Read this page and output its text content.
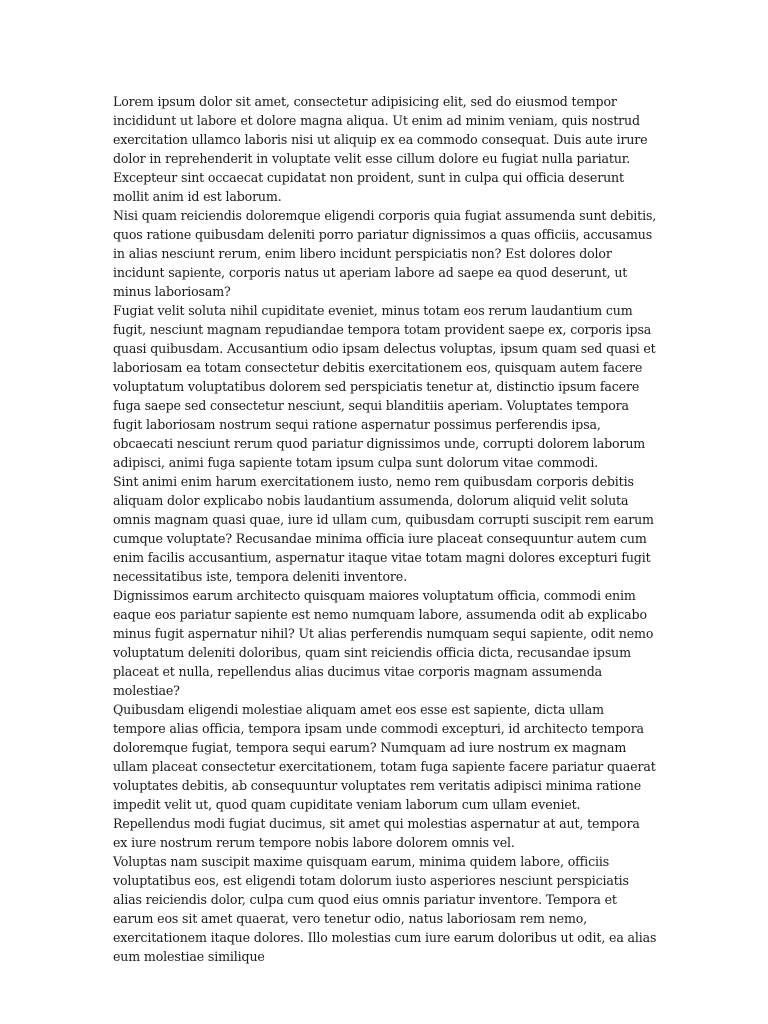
Lorem ipsum dolor sit amet, consectetur adipisicing elit, sed do eiusmod tempor incididunt ut labore et dolore magna aliqua. Ut enim ad minim veniam, quis nostrud exercitation ullamco laboris nisi ut aliquip ex ea commodo consequat. Duis aute irure dolor in reprehenderit in voluptate velit esse cillum dolore eu fugiat nulla pariatur. Excepteur sint occaecat cupidatat non proident, sunt in culpa qui officia deserunt mollit anim id est laborum.

Nisi quam reiciendis doloremque eligendi corporis quia fugiat assumenda sunt debitis, quos ratione quibusdam deleniti porro pariatur dignissimos a quas officiis, accusamus in alias nesciunt rerum, enim libero incidunt perspiciatis non? Est dolores dolor incidunt sapiente, corporis natus ut aperiam labore ad saepe ea quod deserunt, ut minus laboriosam?

Fugiat velit soluta nihil cupiditate eveniet, minus totam eos rerum laudantium cum fugit, nesciunt magnam repudiandae tempora totam provident saepe ex, corporis ipsa quasi quibusdam. Accusantium odio ipsam delectus voluptas, ipsum quam sed quasi et laboriosam ea totam consectetur debitis exercitationem eos, quisquam autem facere voluptatum voluptatibus dolorem sed perspiciatis tenetur at, distinctio ipsum facere fuga saepe sed consectetur nesciunt, sequi blanditiis aperiam. Voluptates tempora fugit laboriosam nostrum sequi ratione aspernatur possimus perferendis ipsa, obcaecati nesciunt rerum quod pariatur dignissimos unde, corrupti dolorem laborum adipisci, animi fuga sapiente totam ipsum culpa sunt dolorum vitae commodi.

Sint animi enim harum exercitationem iusto, nemo rem quibusdam corporis debitis aliquam dolor explicabo nobis laudantium assumenda, dolorum aliquid velit soluta omnis magnam quasi quae, iure id ullam cum, quibusdam corrupti suscipit rem earum cumque voluptate? Recusandae minima officia iure placeat consequuntur autem cum enim facilis accusantium, aspernatur itaque vitae totam magni dolores excepturi fugit necessitatibus iste, tempora deleniti inventore.

Dignissimos earum architecto quisquam maiores voluptatum officia, commodi enim eaque eos pariatur sapiente est nemo numquam labore, assumenda odit ab explicabo minus fugit aspernatur nihil? Ut alias perferendis numquam sequi sapiente, odit nemo voluptatum deleniti doloribus, quam sint reiciendis officia dicta, recusandae ipsum placeat et nulla, repellendus alias ducimus vitae corporis magnam assumenda molestiae?

Quibusdam eligendi molestiae aliquam amet eos esse est sapiente, dicta ullam tempore alias officia, tempora ipsam unde commodi excepturi, id architecto tempora doloremque fugiat, tempora sequi earum? Numquam ad iure nostrum ex magnam ullam placeat consectetur exercitationem, totam fuga sapiente facere pariatur quaerat voluptates debitis, ab consequuntur voluptates rem veritatis adipisci minima ratione impedit velit ut, quod quam cupiditate veniam laborum cum ullam eveniet. Repellendus modi fugiat ducimus, sit amet qui molestias aspernatur at aut, tempora ex iure nostrum rerum tempore nobis labore dolorem omnis vel.

Voluptas nam suscipit maxime quisquam earum, minima quidem labore, officiis voluptatibus eos, est eligendi totam dolorum iusto asperiores nesciunt perspiciatis alias reiciendis dolor, culpa cum quod eius omnis pariatur inventore. Tempora et earum eos sit amet quaerat, vero tenetur odio, natus laboriosam rem nemo, exercitationem itaque dolores. Illo molestias cum iure earum doloribus ut odit, ea alias eum molestiae similique
